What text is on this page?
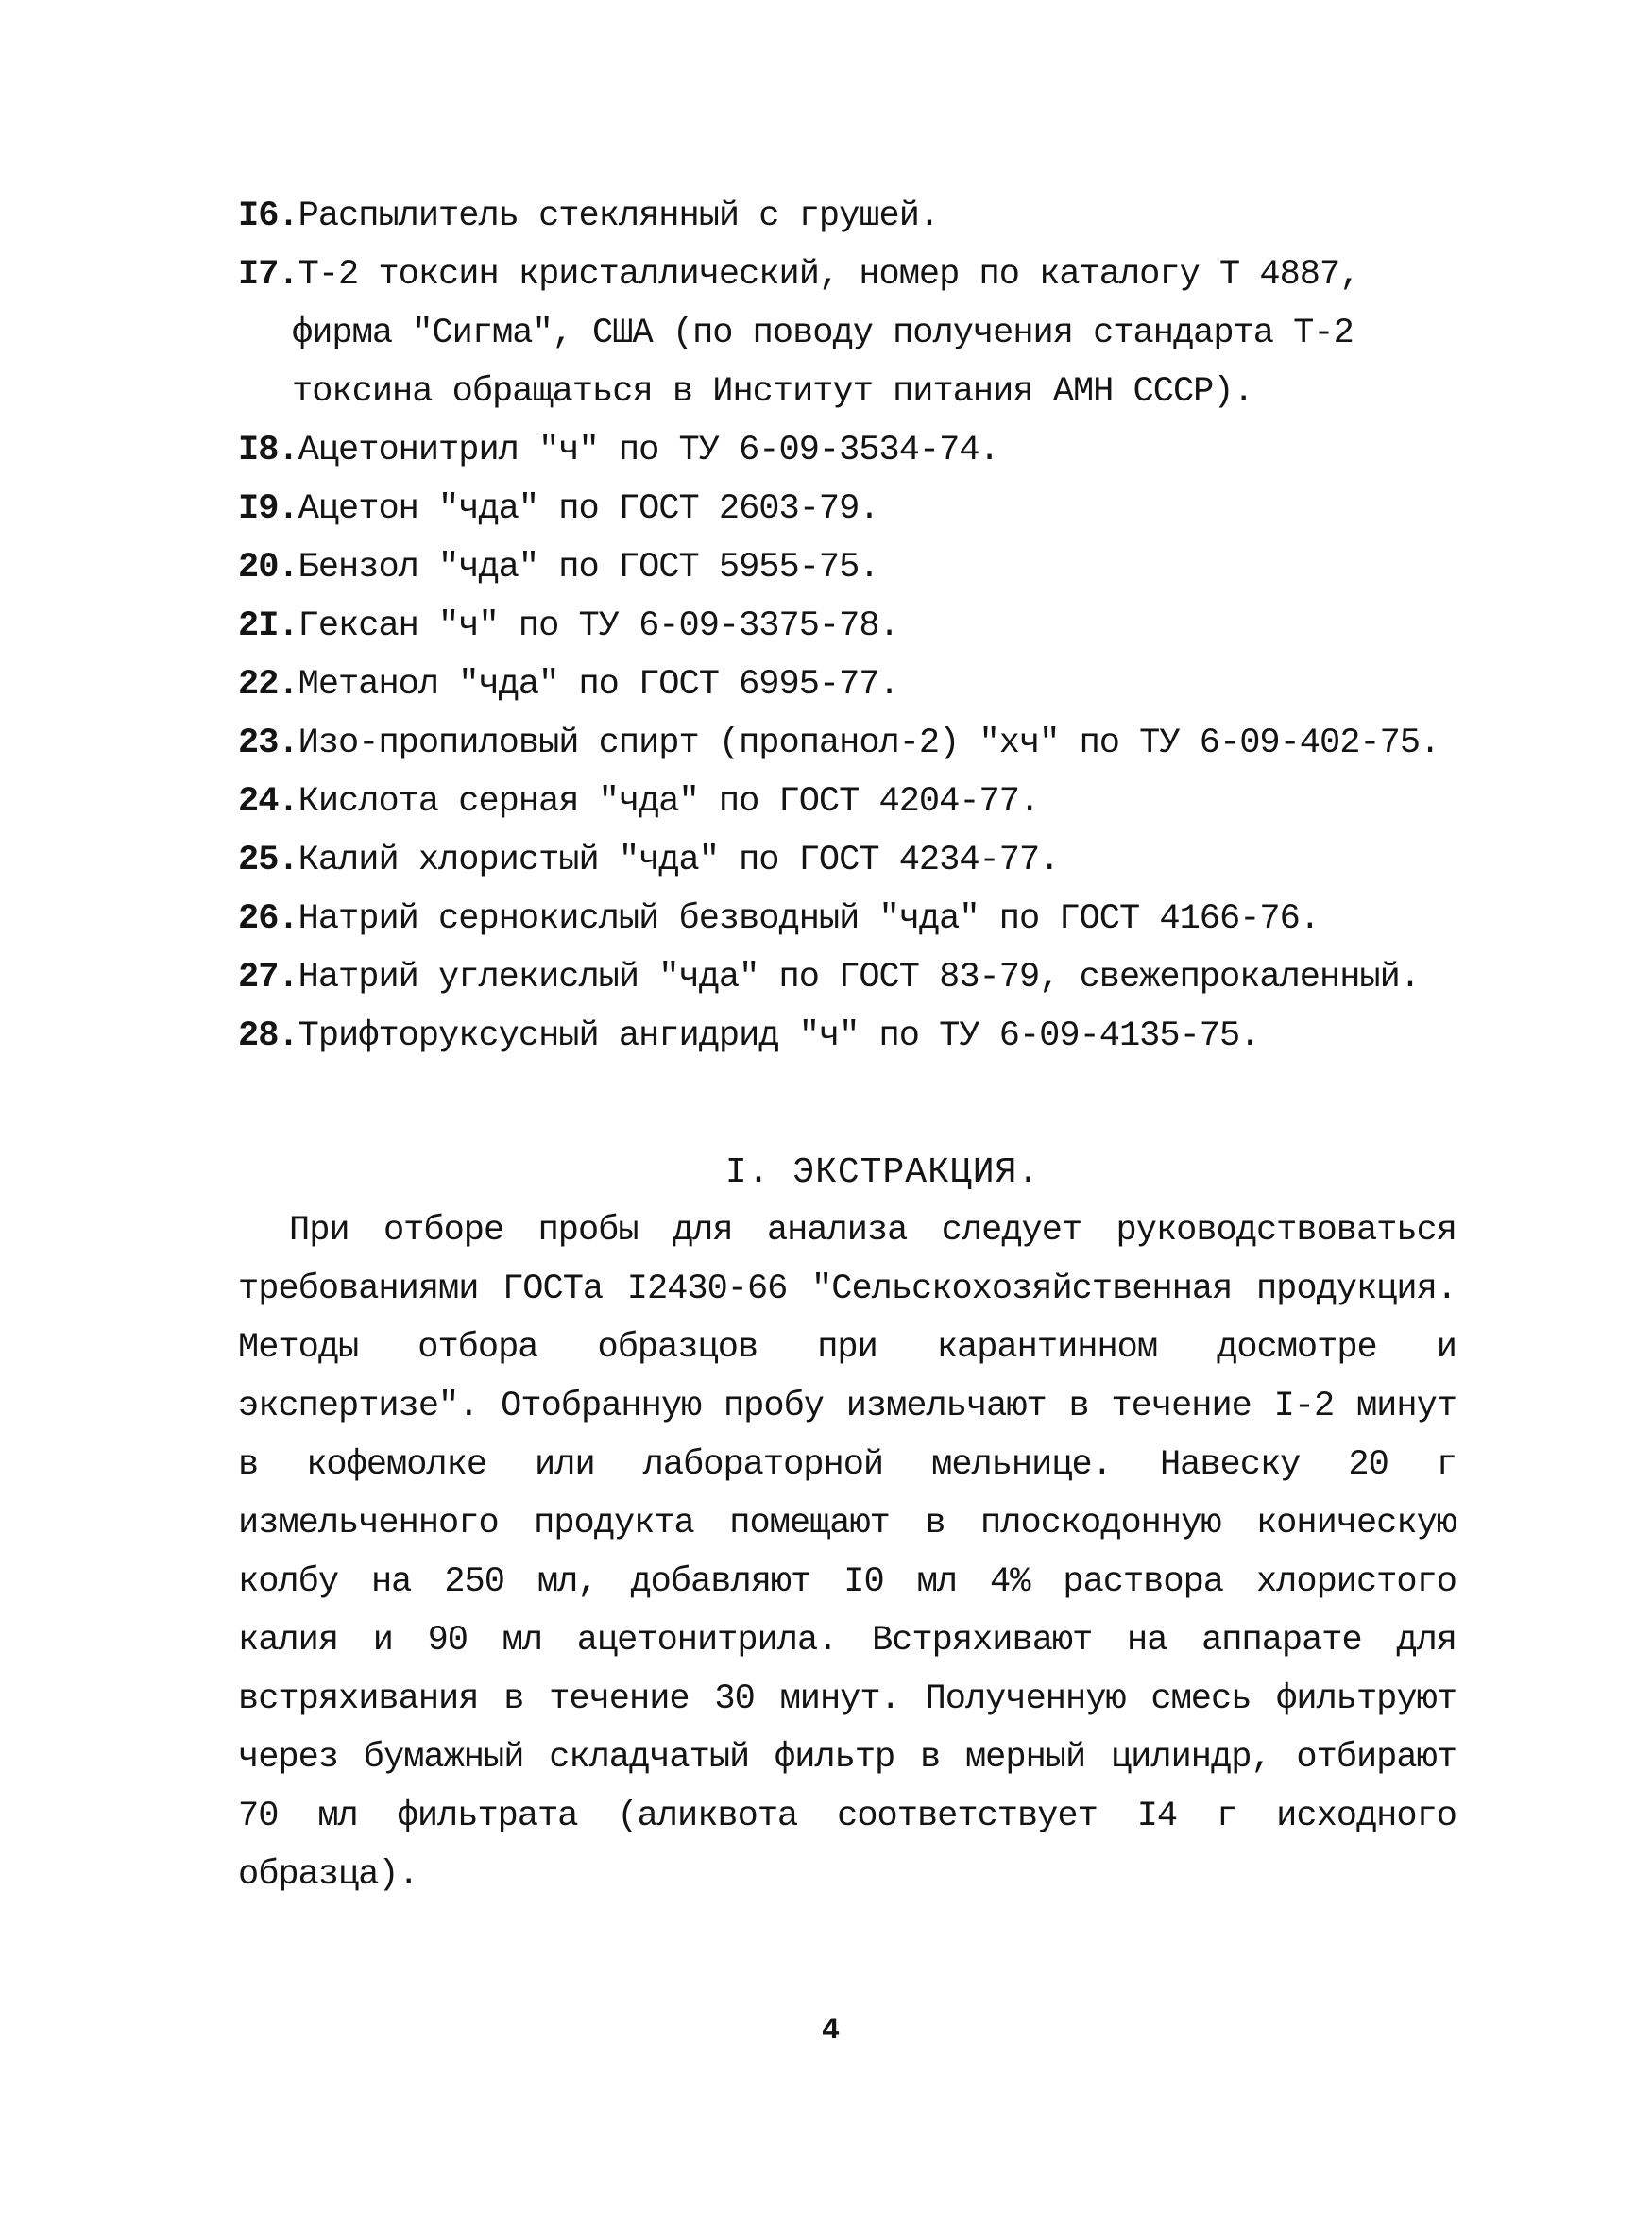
I6.Распылитель стеклянный с грушей.
I7.Т-2 токсин кристаллический, номер по каталогу Т 4887, фирма "Сигма", США (по поводу получения стандарта Т-2 токсина обращаться в Институт питания АМН СССР).
I8.Ацетонитрил "ч" по ТУ 6-09-3534-74.
I9.Ацетон "чда" по ГОСТ 2603-79.
20.Бензол "чда" по ГОСТ 5955-75.
2I.Гексан "ч" по ТУ 6-09-3375-78.
22.Метанол "чда" по ГОСТ 6995-77.
23.Изо-пропиловый спирт (пропанол-2) "хч" по ТУ 6-09-402-75.
24.Кислота серная "чда" по ГОСТ 4204-77.
25.Калий хлористый "чда" по ГОСТ 4234-77.
26.Натрий сернокислый безводный "чда" по ГОСТ 4166-76.
27.Натрий углекислый "чда" по ГОСТ 83-79, свежепрокаленный.
28.Трифторуксусный ангидрид "ч" по ТУ 6-09-4135-75.
I. ЭКСТРАКЦИЯ.
При отборе пробы для анализа следует руководствоваться требованиями ГОСТа I2430-66 "Сельскохозяйственная продукция. Методы отбора образцов при карантинном досмотре и экспертизе". Отобранную пробу измельчают в течение I-2 минут в кофемолке или лабораторной мельнице. Навеску 20 г измельченного продукта помещают в плоскодонную коническую колбу на 250 мл, добавляют I0 мл 4% раствора хлористого калия и 90 мл ацетонитрила. Встряхивают на аппарате для встряхивания в течение 30 минут. Полученную смесь фильтруют через бумажный складчатый фильтр в мерный цилиндр, отбирают 70 мл фильтрата (аликвота соответствует I4 г исходного образца).
4
